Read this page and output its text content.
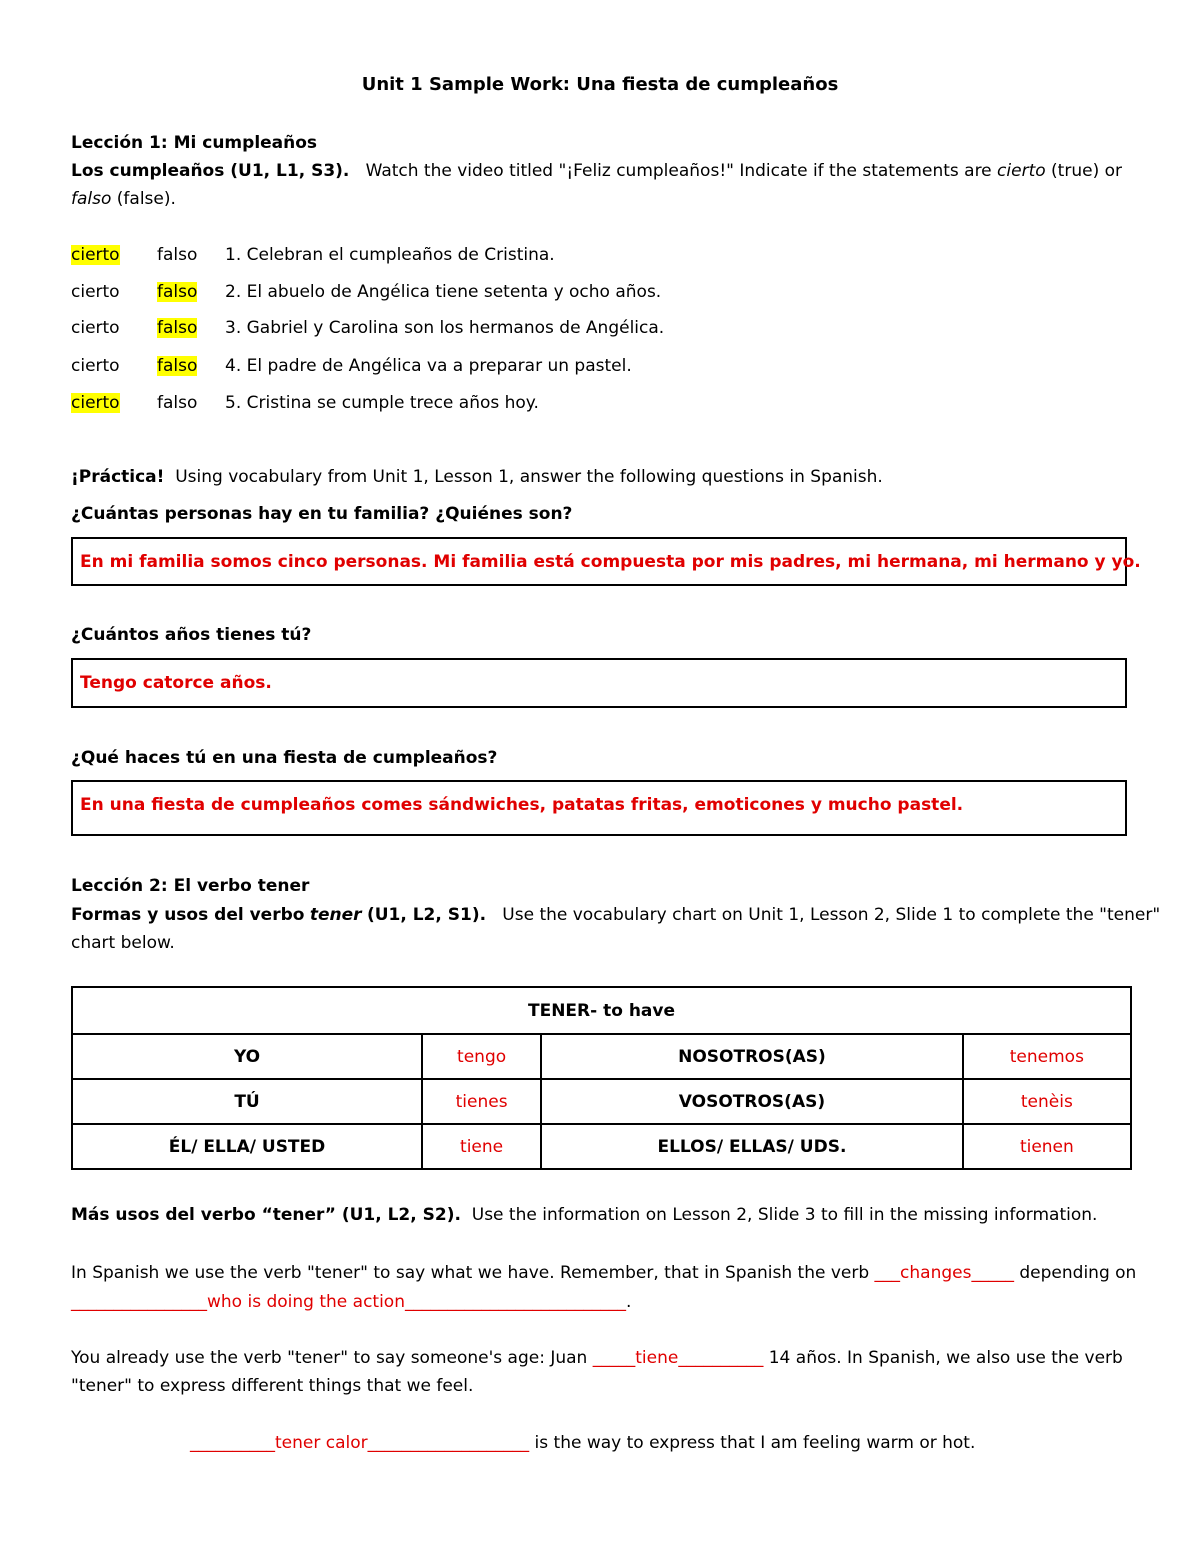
Unit 1 Sample Work: Una fiesta de cumpleaños
Lección 1: Mi cumpleaños
Los cumpleaños (U1, L1, S3). Watch the video titled "¡Feliz cumpleaños!" Indicate if the statements are cierto (true) or
falso (false).
cierto falso 1. Celebran el cumpleaños de Cristina.
cierto falso 2. El abuelo de Angélica tiene setenta y ocho años.
cierto falso 3. Gabriel y Carolina son los hermanos de Angélica.
cierto falso 4. El padre de Angélica va a preparar un pastel.
cierto falso 5. Cristina se cumple trece años hoy.
¡Práctica! Using vocabulary from Unit 1, Lesson 1, answer the following questions in Spanish.
¿Cuántas personas hay en tu familia? ¿Quiénes son?
En mi familia somos cinco personas. Mi familia está compuesta por mis padres, mi hermana, mi hermano y yo.
¿Cuántos años tienes tú?
Tengo catorce años.
¿Qué haces tú en una fiesta de cumpleaños?
En una fiesta de cumpleaños comes sándwiches, patatas fritas, emoticones y mucho pastel.
Lección 2: El verbo tener
Formas y usos del verbo tener (U1, L2, S1). Use the vocabulary chart on Unit 1, Lesson 2, Slide 1 to complete the "tener"
chart below.
TENER- to have			
YO	tengo	NOSOTROS(AS)	tenemos
TÚ	tienes	VOSOTROS(AS)	tenèis
ÉL/ ELLA/ USTED	tiene	ELLOS/ ELLAS/ UDS.	tienen
Más usos del verbo “tener” (U1, L2, S2). Use the information on Lesson 2, Slide 3 to fill in the missing information.
In Spanish we use the verb "tener" to say what we have. Remember, that in Spanish the verb ___changes_____ depending on
________________who is doing the action__________________________.
You already use the verb "tener" to say someone's age: Juan _____tiene__________ 14 años. In Spanish, we also use the verb
"tener" to express different things that we feel.
__________tener calor___________________ is the way to express that I am feeling warm or hot.
